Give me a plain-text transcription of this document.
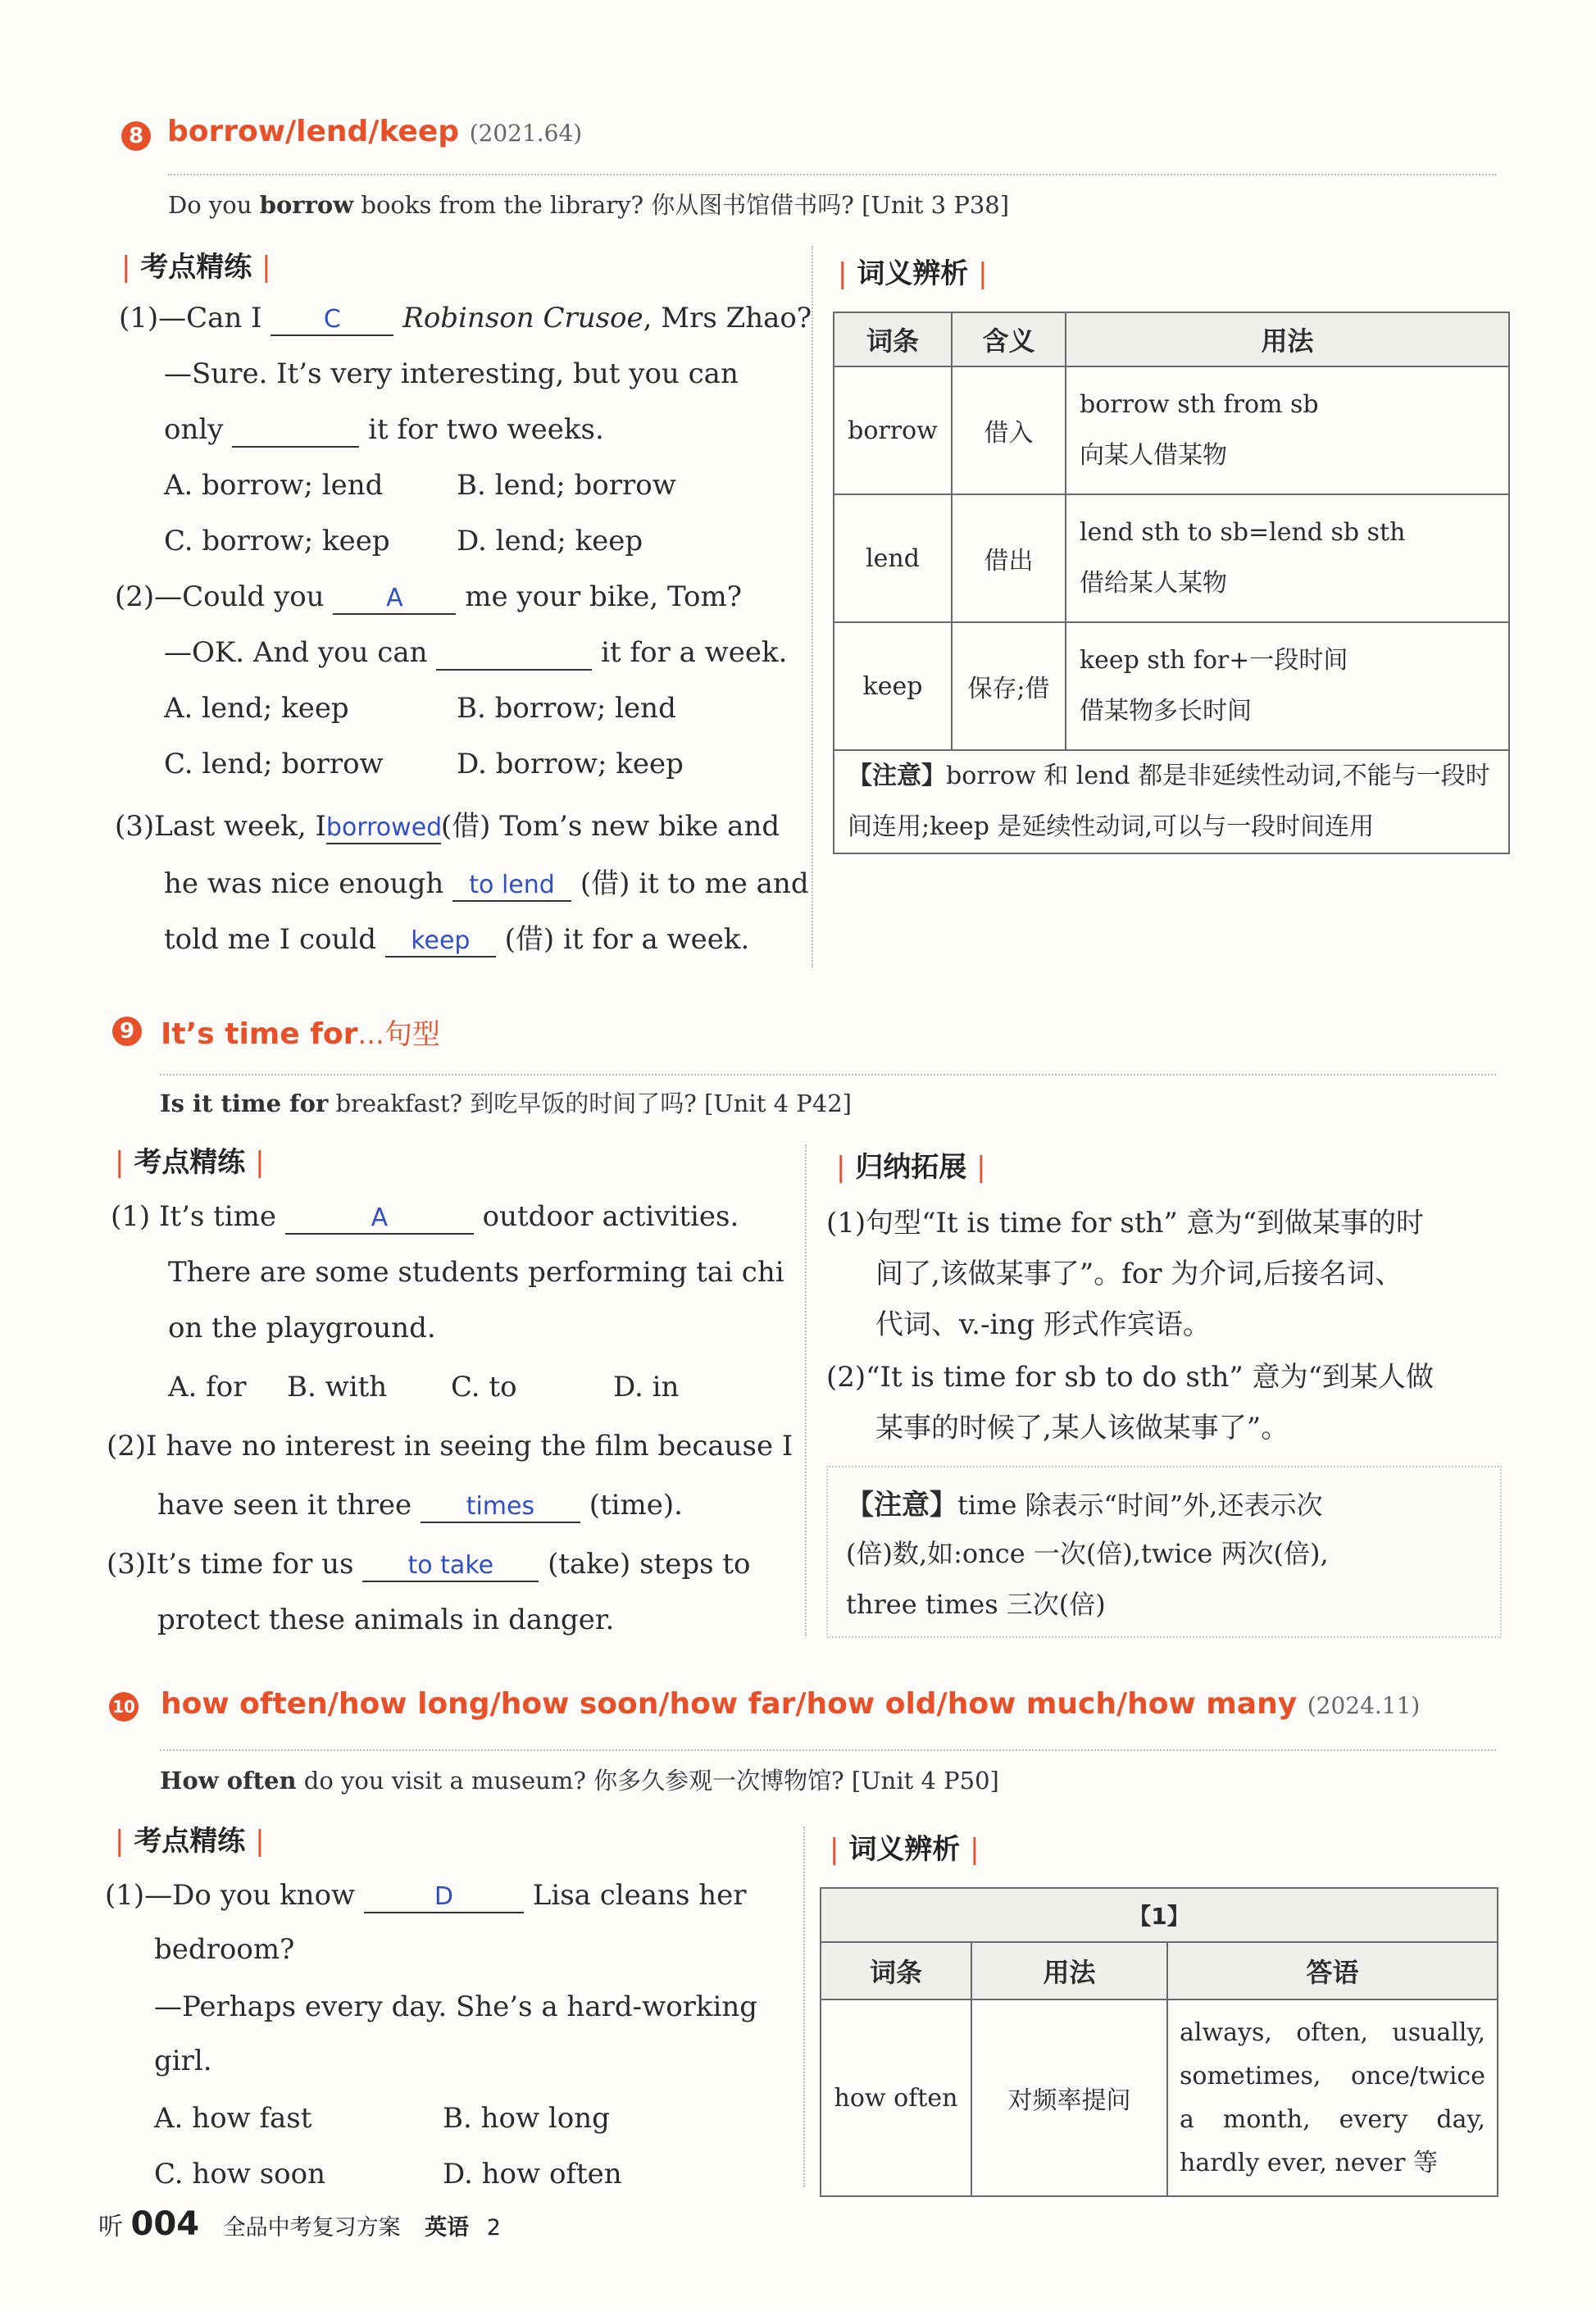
8 borrow/lend/keep (2021.64)
Do you borrow books from the library? 你从图书馆借书吗? [Unit 3 P38]
| 考点精练 |	| 词义辨析 |
(1)—Can I	C Robinson Crusoe, Mrs Zhao?
—Sure. It’s very interesting, but you can
only	it for two weeks.
A. borrow; lend	B. lend; borrow
C. borrow; keep D. lend; keep
(2)—Could you	A me your bike, Tom?
—OK. And you can	it for a week.
A. lend; keep	B. borrow; lend
C. lend; borrow	D. borrow; keep
(3)Last week, Iborrowed(借) Tom’s new bike and
he was nice enough to lend (借) it to me and
told me I could keep (借) it for a week.
词条	含义	用法
borrow	借入	borrow sth from sb
向某人借某物

lend	借出	lend sth to sb=lend sb sth
借给某人某物

keep	保存;借	keep sth for+一段时间
借某物多长时间

【注意】borrow 和 lend 都是非延续性动词,不能与一段时间连用;keep 是延续性动词,可以与一段时间连用		
9 It’s time for...句型
Is it time for breakfast? 到吃早饭的时间了吗? [Unit 4 P42]
| 考点精练 |	| 归纳拓展 |
(1) It’s time	A	outdoor activities.
There are some students performing tai chi
on the playground.
A. for B. with C. to	D. in
(2)I have no interest in seeing the film because I
have seen it three times (time).
(3)It’s time for us to take (take) steps to
protect these animals in danger.
(1)句型“It is time for sth” 意为“到做某事的时
间了,该做某事了”。for 为介词,后接名词、
代词、v.-ing 形式作宾语。
(2)“It is time for sb to do sth” 意为“到某人做
某事的时候了,某人该做某事了”。
【注意】time 除表示“时间”外,还表示次
(倍)数,如:once 一次(倍),twice 两次(倍),
three times 三次(倍)
10 how often/how long/how soon/how far/how old/how much/how many (2024.11)
How often do you visit a museum? 你多久参观一次博物馆? [Unit 4 P50]
| 考点精练 |	| 词义辨析 |
(1)—Do you know	D	Lisa cleans her
bedroom?
—Perhaps every day. She’s a hard-working
girl.
A. how fast	B. how long
C. how soon	D. how often
【1】		
词条	用法	答语
how often	对频率提问	always, often, usually, sometimes, once/twice a month, every day, hardly ever, never 等
听 004 全品中考复习方案 英语 2
